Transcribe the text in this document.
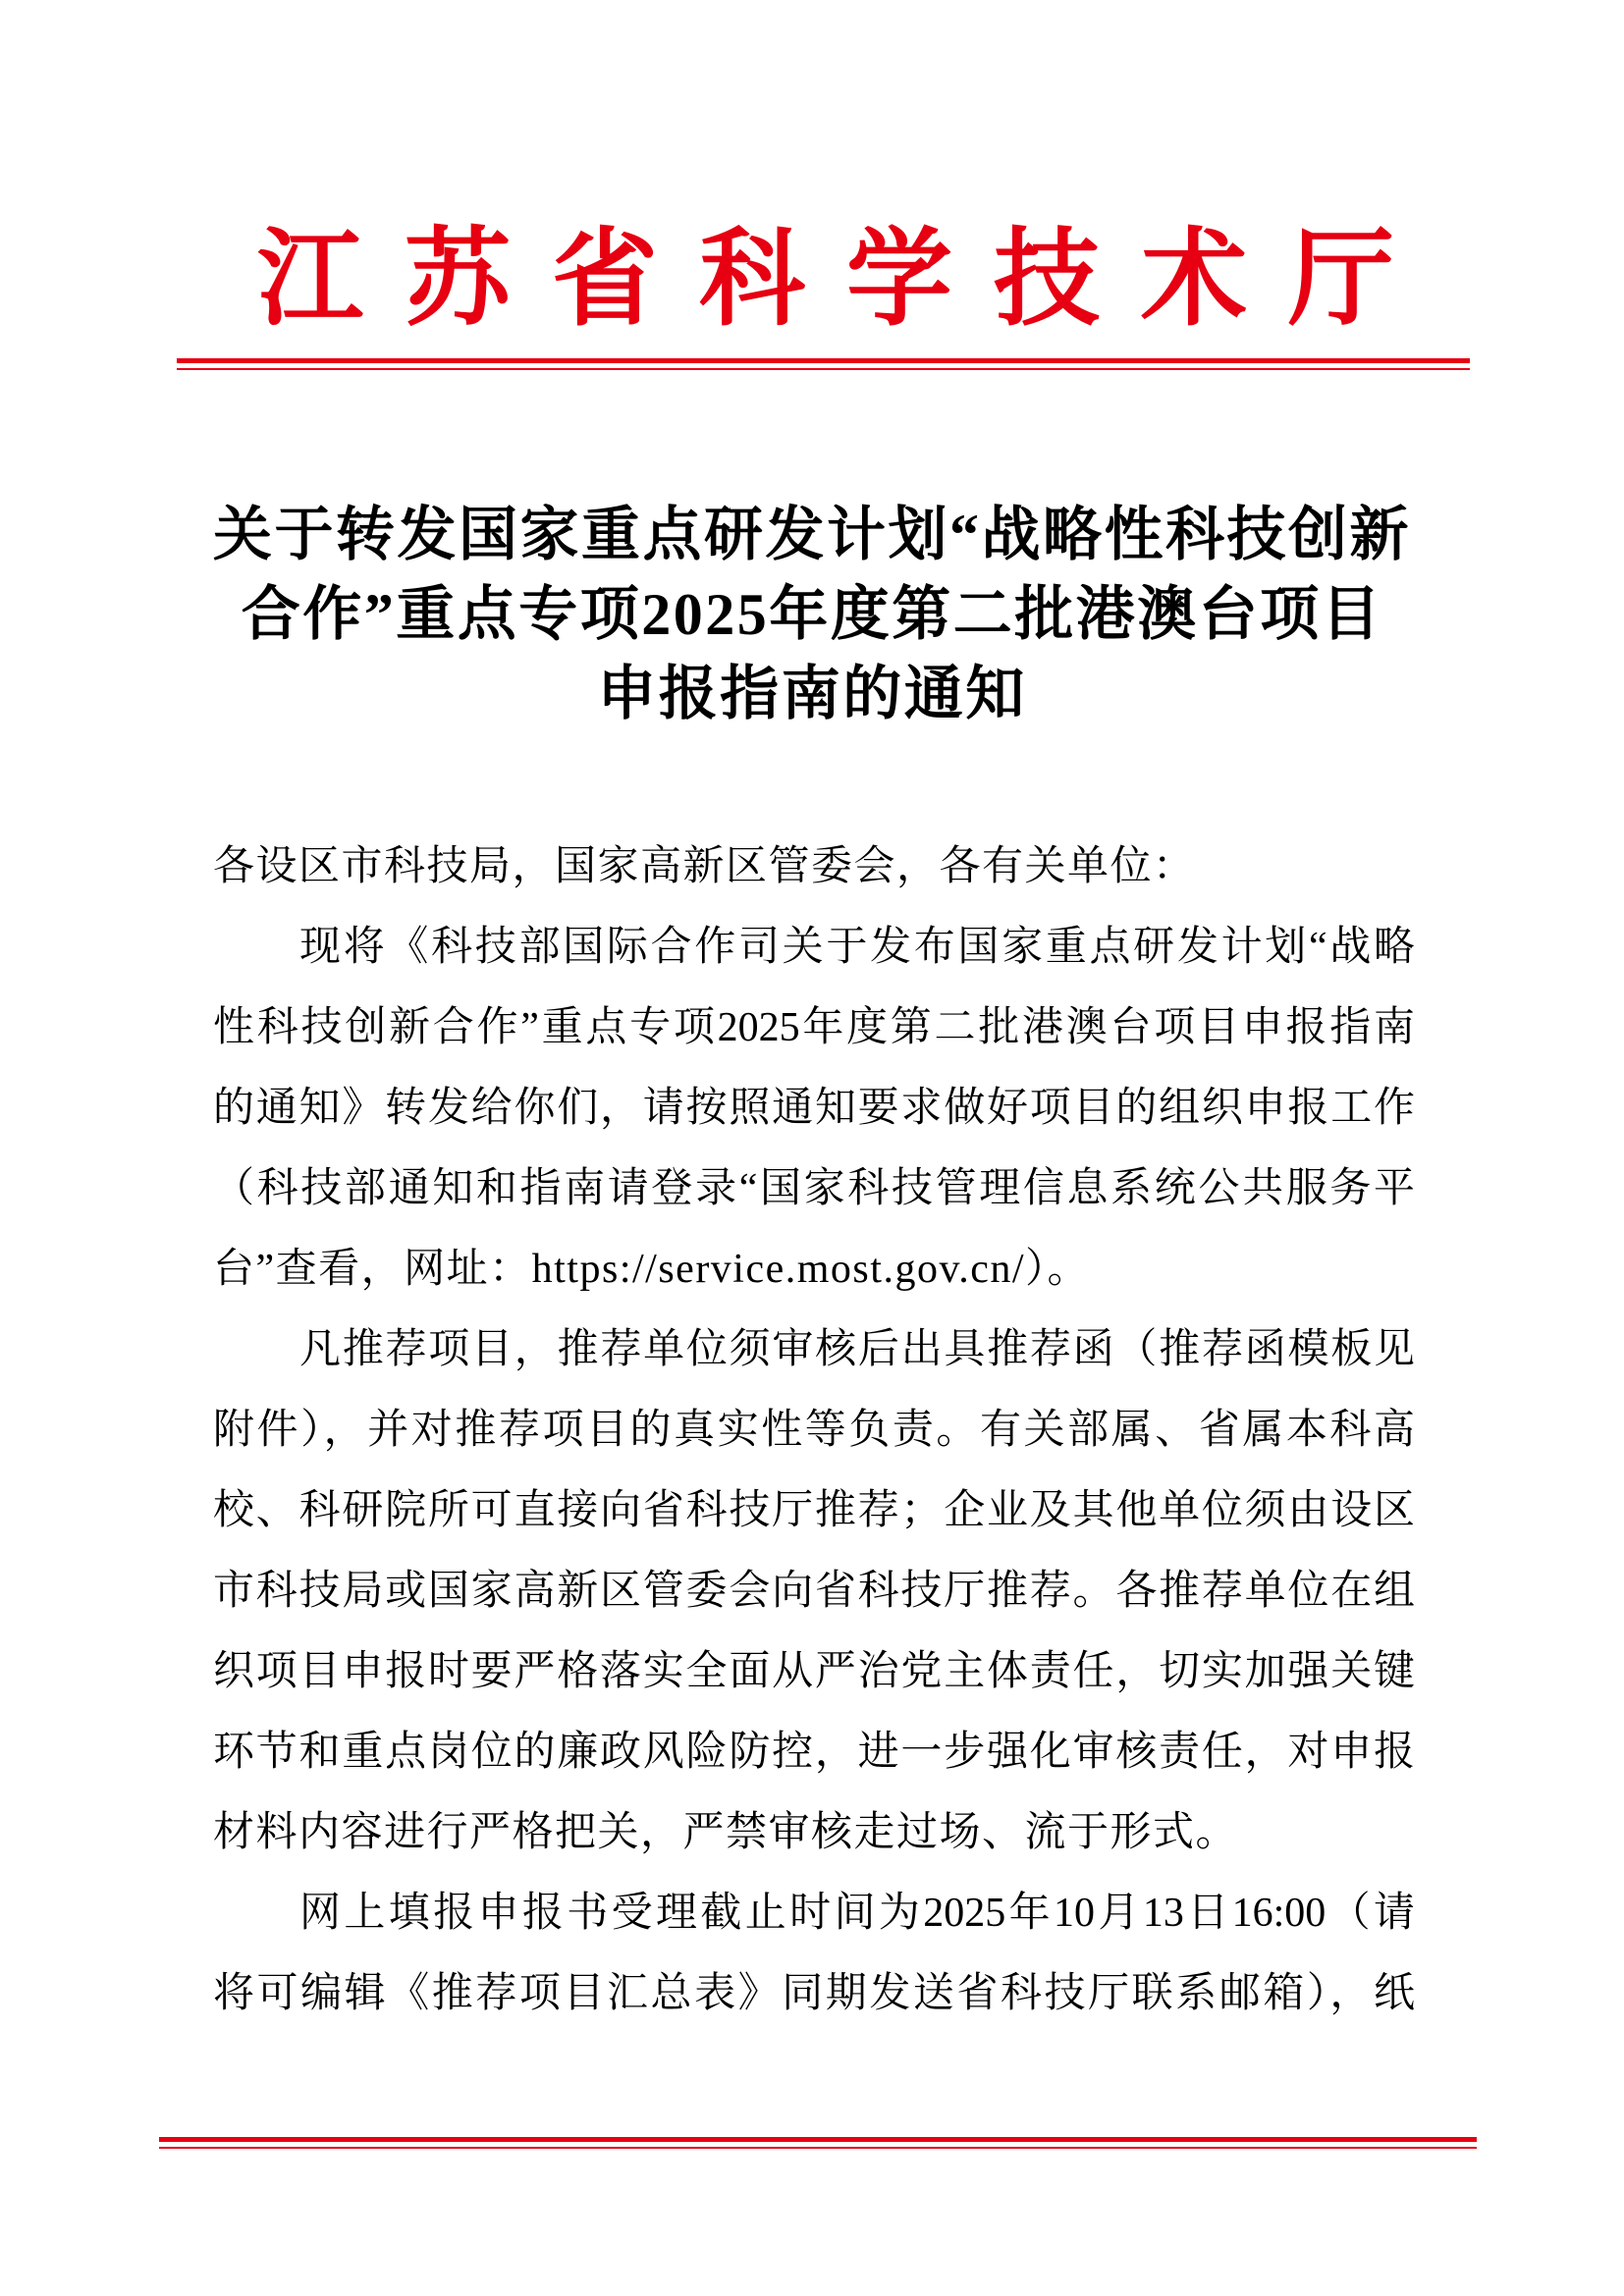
江苏省科学技术厅
关于转发国家重点研发计划“战略性科技创新
合作”重点专项2025年度第二批港澳台项目
申报指南的通知
各设区市科技局，国家高新区管委会，各有关单位：
现将《科技部国际合作司关于发布国家重点研发计划“战略
性科技创新合作”重点专项2025年度第二批港澳台项目申报指南
的通知》转发给你们，请按照通知要求做好项目的组织申报工作
（科技部通知和指南请登录“国家科技管理信息系统公共服务平
台”查看，网址：https://service.most.gov.cn/）。
凡推荐项目，推荐单位须审核后出具推荐函（推荐函模板见
附件），并对推荐项目的真实性等负责。有关部属、省属本科高
校、科研院所可直接向省科技厅推荐；企业及其他单位须由设区
市科技局或国家高新区管委会向省科技厅推荐。各推荐单位在组
织项目申报时要严格落实全面从严治党主体责任，切实加强关键
环节和重点岗位的廉政风险防控，进一步强化审核责任，对申报
材料内容进行严格把关，严禁审核走过场、流于形式。
网上填报申报书受理截止时间为2025年10月13日16:00（请
将可编辑《推荐项目汇总表》同期发送省科技厅联系邮箱），纸
